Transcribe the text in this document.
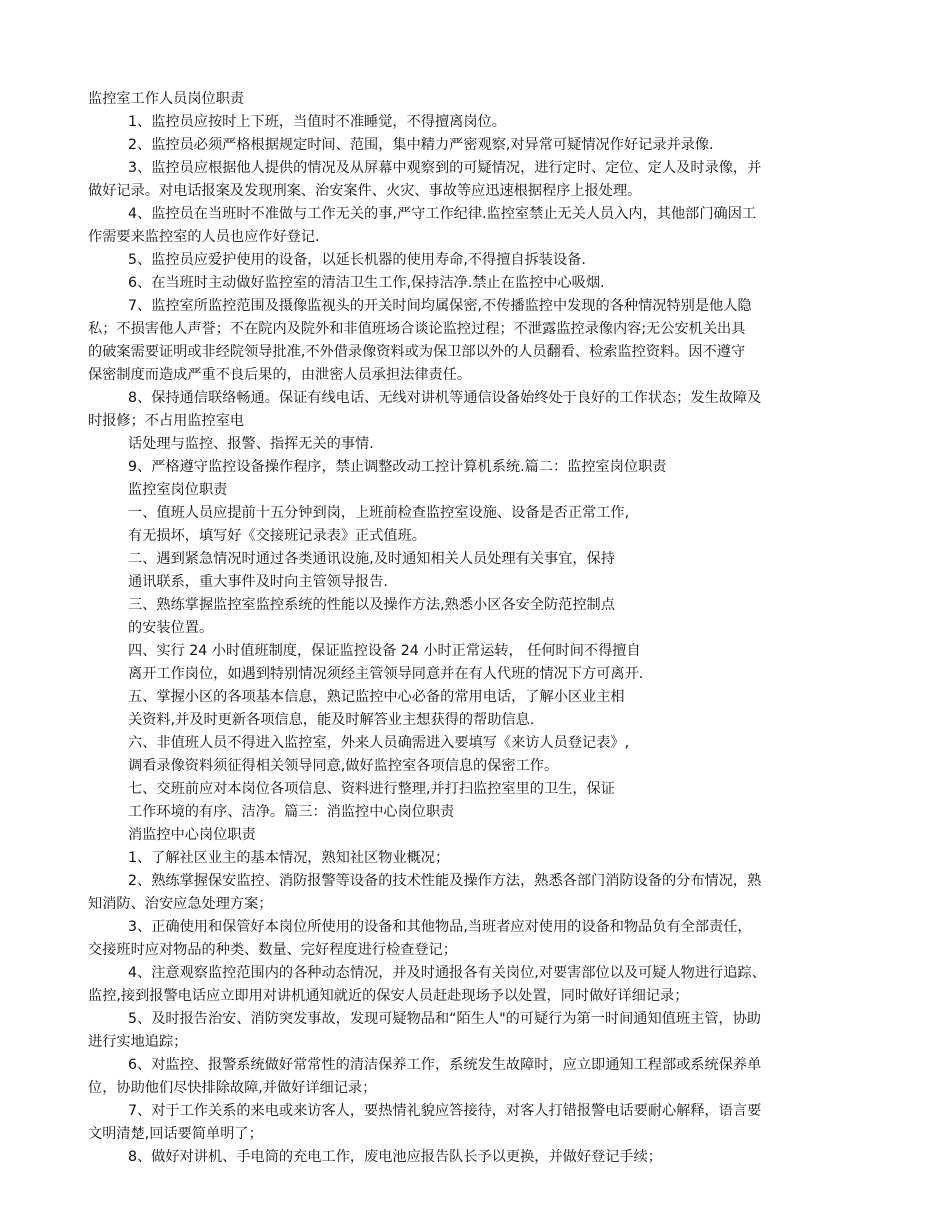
监控室工作人员岗位职责
1、监控员应按时上下班，当值时不准睡觉，不得擅离岗位。
2、监控员必须严格根据规定时间、范围，集中精力严密观察,对异常可疑情况作好记录并录像.
3、监控员应根据他人提供的情况及从屏幕中观察到的可疑情况，进行定时、定位、定人及时录像，并
做好记录。对电话报案及发现刑案、治安案件、火灾、事故等应迅速根据程序上报处理。
4、监控员在当班时不准做与工作无关的事,严守工作纪律.监控室禁止无关人员入内，其他部门确因工
作需要来监控室的人员也应作好登记.
5、监控员应爱护使用的设备，以延长机器的使用寿命,不得擅自拆装设备.
6、在当班时主动做好监控室的清洁卫生工作,保持洁净.禁止在监控中心吸烟.
7、监控室所监控范围及摄像监视头的开关时间均属保密,不传播监控中发现的各种情况特别是他人隐
私；不损害他人声誉；不在院内及院外和非值班场合谈论监控过程；不泄露监控录像内容;无公安机关出具
的破案需要证明或非经院领导批准,不外借录像资料或为保卫部以外的人员翻看、检索监控资料。因不遵守
保密制度而造成严重不良后果的，由泄密人员承担法律责任。
8、保持通信联络畅通。保证有线电话、无线对讲机等通信设备始终处于良好的工作状态；发生故障及
时报修；不占用监控室电
话处理与监控、报警、指挥无关的事情.
9、严格遵守监控设备操作程序，禁止调整改动工控计算机系统.篇二：监控室岗位职责
监控室岗位职责
一、值班人员应提前十五分钟到岗，上班前检查监控室设施、设备是否正常工作,
有无损坏，填写好《交接班记录表》正式值班。
二、遇到紧急情况时通过各类通讯设施,及时通知相关人员处理有关事宜，保持
通讯联系，重大事件及时向主管领导报告.
三、熟练掌握监控室监控系统的性能以及操作方法,熟悉小区各安全防范控制点
的安装位置。
四、实行 24 小时值班制度，保证监控设备 24 小时正常运转， 任何时间不得擅自
离开工作岗位，如遇到特别情况须经主管领导同意并在有人代班的情况下方可离开.
五、掌握小区的各项基本信息，熟记监控中心必备的常用电话，了解小区业主相
关资料,并及时更新各项信息，能及时解答业主想获得的帮助信息.
六、非值班人员不得进入监控室，外来人员确需进入要填写《来访人员登记表》,
调看录像资料须征得相关领导同意,做好监控室各项信息的保密工作。
七、交班前应对本岗位各项信息、资料进行整理,并打扫监控室里的卫生，保证
工作环境的有序、洁净。篇三：消监控中心岗位职责
消监控中心岗位职责
1、了解社区业主的基本情况，熟知社区物业概况；
2、熟练掌握保安监控、消防报警等设备的技术性能及操作方法，熟悉各部门消防设备的分布情况，熟
知消防、治安应急处理方案；
3、正确使用和保管好本岗位所使用的设备和其他物品,当班者应对使用的设备和物品负有全部责任，
交接班时应对物品的种类、数量、完好程度进行检查登记；
4、注意观察监控范围内的各种动态情况，并及时通报各有关岗位,对要害部位以及可疑人物进行追踪、
监控,接到报警电话应立即用对讲机通知就近的保安人员赶赴现场予以处置，同时做好详细记录；
5、及时报告治安、消防突发事故，发现可疑物品和“陌生人"的可疑行为第一时间通知值班主管，协助
进行实地追踪；
6、对监控、报警系统做好常常性的清洁保养工作，系统发生故障时，应立即通知工程部或系统保养单
位，协助他们尽快排除故障,并做好详细记录；
7、对于工作关系的来电或来访客人，要热情礼貌应答接待，对客人打错报警电话要耐心解释，语言要
文明清楚,回话要简单明了；
8、做好对讲机、手电筒的充电工作，废电池应报告队长予以更换，并做好登记手续；
